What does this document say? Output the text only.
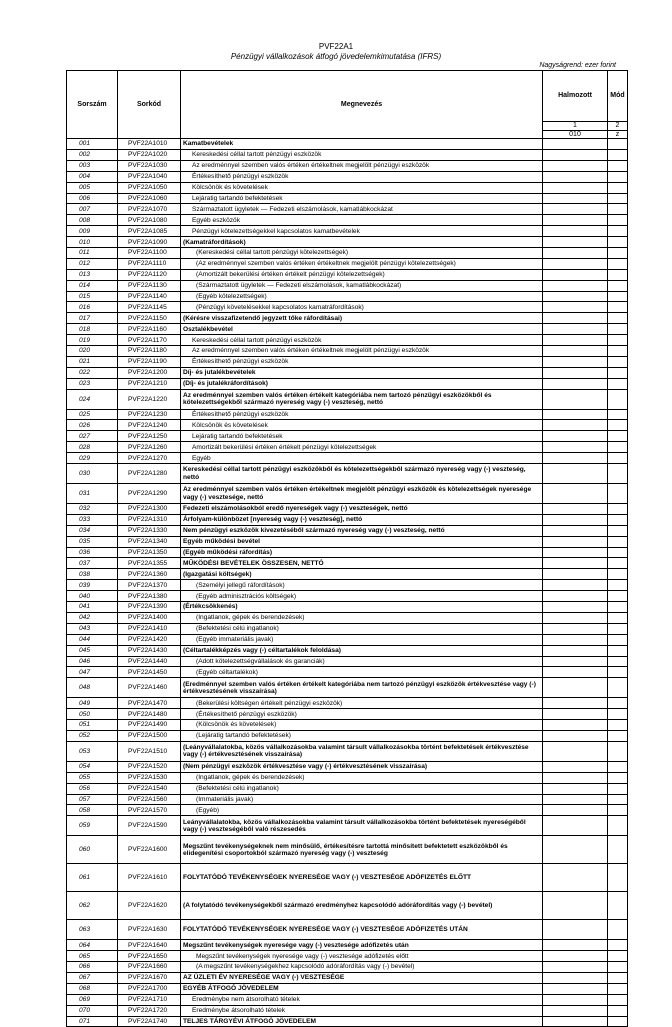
PVF22A1
Pénzügyi vállalkozások átfogó jövedelemkimutatása (IFRS)
Nagyságrend: ezer forint
Sorszám	Sorkód	Megnevezés	Halmozott	Mód
			1	2
			010	z
001	PVF22A1010	Kamatbevételek		
002	PVF22A1020	Kereskedési céllal tartott pénzügyi eszközök		
003	PVF22A1030	Az eredménnyel szemben valós értéken értékeltnek megjelölt pénzügyi eszközök		
004	PVF22A1040	Értékesíthető pénzügyi eszközök		
005	PVF22A1050	Kölcsönök és követelések		
006	PVF22A1060	Lejáratig tartandó befektetések		
007	PVF22A1070	Származtatott ügyletek — Fedezeti elszámolások, kamatlábkockázat		
008	PVF22A1080	Egyéb eszközök		
009	PVF22A1085	Pénzügyi kötelezettségekkel kapcsolatos kamatbevételek		
010	PVF22A1090	(Kamatráfordítások)		
011	PVF22A1100	(Kereskedési céllal tartott pénzügyi kötelezettségek)		
012	PVF22A1110	(Az eredménnyel szemben valós értéken értékeltnek megjelölt pénzügyi kötelezettségek)		
013	PVF22A1120	(Amortizált bekerülési értéken értékelt pénzügyi kötelezettségek)		
014	PVF22A1130	(Származtatott ügyletek — Fedezeti elszámolások, kamatlábkockázat)		
015	PVF22A1140	(Egyéb kötelezettségek)		
016	PVF22A1145	(Pénzügyi követelésekkel kapcsolatos kamatráfordítások)		
017	PVF22A1150	(Kérésre visszafizetendő jegyzett tőke ráfordításai)		
018	PVF22A1160	Osztalékbevétel		
019	PVF22A1170	Kereskedési céllal tartott pénzügyi eszközök		
020	PVF22A1180	Az eredménnyel szemben valós értéken értékeltnek megjelölt pénzügyi eszközök		
021	PVF22A1190	Értékesíthető pénzügyi eszközök		
022	PVF22A1200	Díj- és jutalékbevételek		
023	PVF22A1210	(Díj- és jutalékráfordítások)		
024	PVF22A1220	Az eredménnyel szemben valós értéken értékelt kategóriába nem tartozó pénzügyi eszközökből és kötelezettségekből származó nyereség vagy (-) veszteség, nettó		
025	PVF22A1230	Értékesíthető pénzügyi eszközök		
026	PVF22A1240	Kölcsönök és követelések		
027	PVF22A1250	Lejáratig tartandó befektetések		
028	PVF22A1260	Amortizált bekerülési értéken értékelt pénzügyi kötelezettségek		
029	PVF22A1270	Egyéb		
030	PVF22A1280	Kereskedési céllal tartott pénzügyi eszközökből és kötelezettségekből származó nyereség vagy (-) veszteség, nettó		
031	PVF22A1290	Az eredménnyel szemben valós értéken értékeltnek megjelölt pénzügyi eszközök és kötelezettségek nyeresége vagy (-) vesztesége, nettó		
032	PVF22A1300	Fedezeti elszámolásokból eredő nyereségek vagy (-) veszteségek, nettó		
033	PVF22A1310	Árfolyam-különbözet [nyereség vagy (-) veszteség], nettó		
034	PVF22A1330	Nem pénzügyi eszközök kivezetéséből származó nyereség vagy (-) veszteség, nettó		
035	PVF22A1340	Egyéb működési bevétel		
036	PVF22A1350	(Egyéb működési ráfordítás)		
037	PVF22A1355	MŰKÖDÉSI BEVÉTELEK ÖSSZESEN, NETTÓ		
038	PVF22A1360	(Igazgatási költségek)		
039	PVF22A1370	(Személyi jellegű ráfordítások)		
040	PVF22A1380	(Egyéb adminisztrációs költségek)		
041	PVF22A1390	(Értékcsökkenés)		
042	PVF22A1400	(Ingatlanok, gépek és berendezések)		
043	PVF22A1410	(Befektetési célú ingatlanok)		
044	PVF22A1420	(Egyéb immateriális javak)		
045	PVF22A1430	(Céltartalékképzés vagy (-) céltartalékok feloldása)		
046	PVF22A1440	(Adott kötelezettségvállalások és garanciák)		
047	PVF22A1450	(Egyéb céltartalékok)		
048	PVF22A1460	(Eredménnyel szemben valós értéken értékelt kategóriába nem tartozó pénzügyi eszközök értékvesztése vagy (-) értékvesztésének visszaírása)		
049	PVF22A1470	(Bekerülési költségen értékelt pénzügyi eszközök)		
050	PVF22A1480	(Értékesíthető pénzügyi eszközök)		
051	PVF22A1490	(Kölcsönök és követelések)		
052	PVF22A1500	(Lejáratig tartandó befektetések)		
053	PVF22A1510	(Leányvállalatokba, közös vállalkozásokba valamint társult vállalkozásokba történt befektetések értékvesztése vagy (-) értékvesztésének visszaírása)		
054	PVF22A1520	(Nem pénzügyi eszközök értékvesztése vagy (-) értékvesztésének visszaírása)		
055	PVF22A1530	(Ingatlanok, gépek és berendezések)		
056	PVF22A1540	(Befektetési célú ingatlanok)		
057	PVF22A1560	(Immateriális javak)		
058	PVF22A1570	(Egyéb)		
059	PVF22A1590	Leányvállalatokba, közös vállalkozásokba valamint társult vállalkozásokba történt befektetések nyereségéből vagy (-) veszteségéből való részesedés		
060	PVF22A1600	Megszűnt tevékenységeknek nem minősülő, értékesítésre tartottá minősített befektetett eszközökből és elidegenítési csoportokból származó nyereség vagy (-) veszteség		
061	PVF22A1610	FOLYTATÓDÓ TEVÉKENYSÉGEK NYERESÉGE VAGY (-) VESZTESÉGE ADÓFIZETÉS ELŐTT		
062	PVF22A1620	(A folytatódó tevékenységekből származó eredményhez kapcsolódó adóráfordítás vagy (-) bevétel)		
063	PVF22A1630	FOLYTATÓDÓ TEVÉKENYSÉGEK NYERESÉGE VAGY (-) VESZTESÉGE ADÓFIZETÉS UTÁN		
064	PVF22A1640	Megszűnt tevékenységek nyeresége vagy (-) vesztesége adófizetés után		
065	PVF22A1650	Megszűnt tevékenységek nyeresége vagy (-) vesztesége adófizetés előtt		
066	PVF22A1660	(A megszűnt tevékenységekhez kapcsolódó adóráfordítás vagy (-) bevétel)		
067	PVF22A1670	AZ ÜZLETI ÉV NYERESÉGE VAGY (-) VESZTESÉGE		
068	PVF22A1700	EGYÉB ÁTFOGÓ JÖVEDELEM		
069	PVF22A1710	Eredménybe nem átsorolható tételek		
070	PVF22A1720	Eredménybe átsorolható tételek		
071	PVF22A1740	TELJES TÁRGYÉVI ÁTFOGÓ JÖVEDELEM		
